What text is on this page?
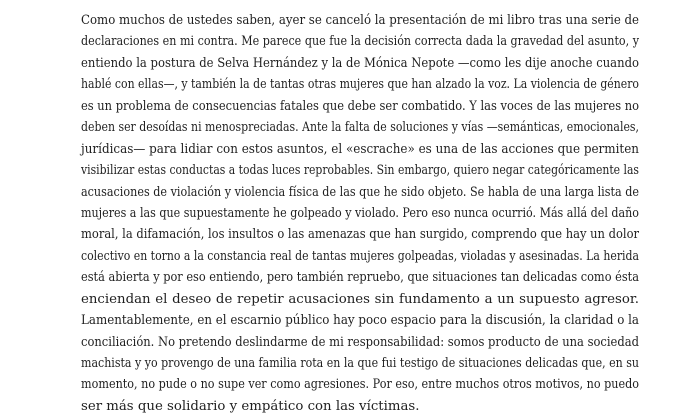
Como muchos de ustedes saben, ayer se canceló la presentación de mi libro tras una serie de
declaraciones en mi contra. Me parece que fue la decisión correcta dada la gravedad del asunto, y
entiendo la postura de Selva Hernández y la de Mónica Nepote —como les dije anoche cuando
hablé con ellas—, y también la de tantas otras mujeres que han alzado la voz. La violencia de género
es un problema de consecuencias fatales que debe ser combatido. Y las voces de las mujeres no
deben ser desoídas ni menospreciadas. Ante la falta de soluciones y vías —semánticas, emocionales,
jurídicas— para lidiar con estos asuntos, el «escrache» es una de las acciones que permiten
visibilizar estas conductas a todas luces reprobables. Sin embargo, quiero negar categóricamente las
acusaciones de violación y violencia física de las que he sido objeto. Se habla de una larga lista de
mujeres a las que supuestamente he golpeado y violado. Pero eso nunca ocurrió. Más allá del daño
moral, la difamación, los insultos o las amenazas que han surgido, comprendo que hay un dolor
colectivo en torno a la constancia real de tantas mujeres golpeadas, violadas y asesinadas. La herida
está abierta y por eso entiendo, pero también repruebo, que situaciones tan delicadas como ésta
enciendan el deseo de repetir acusaciones sin fundamento a un supuesto agresor.
Lamentablemente, en el escarnio público hay poco espacio para la discusión, la claridad o la
conciliación. No pretendo deslindarme de mi responsabilidad: somos producto de una sociedad
machista y yo provengo de una familia rota en la que fui testigo de situaciones delicadas que, en su
momento, no pude o no supe ver como agresiones. Por eso, entre muchos otros motivos, no puedo
ser más que solidario y empático con las víctimas.
